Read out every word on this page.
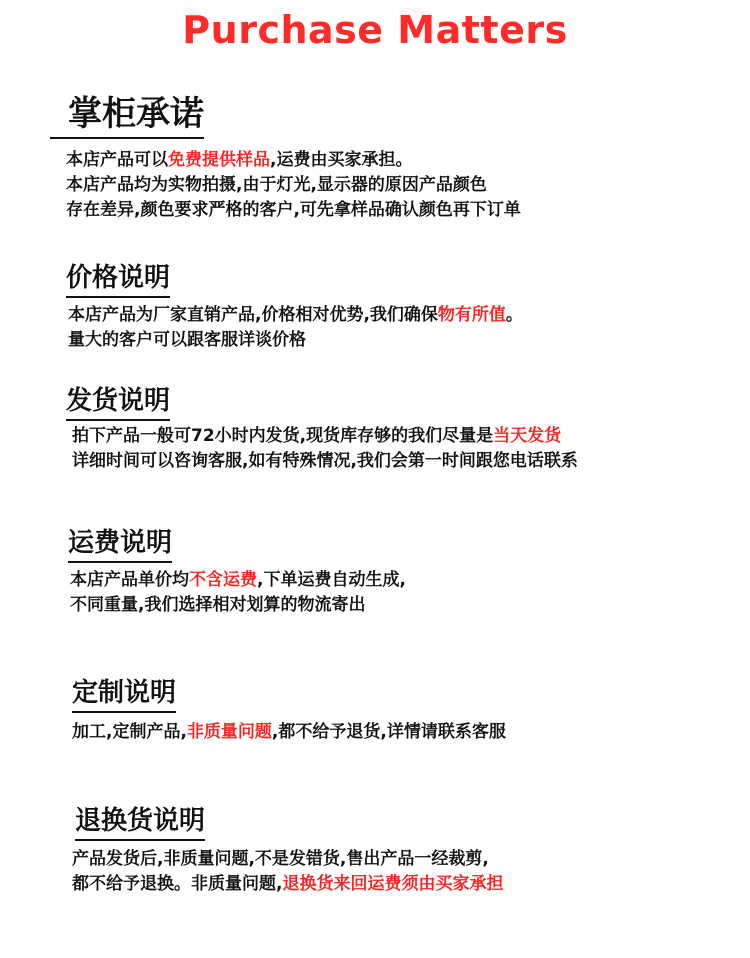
Purchase Matters
掌柜承诺
本店产品可以免费提供样品,运费由买家承担。
本店产品均为实物拍摄,由于灯光,显示器的原因产品颜色
存在差异,颜色要求严格的客户,可先拿样品确认颜色再下订单
价格说明
本店产品为厂家直销产品,价格相对优势,我们确保物有所值。
量大的客户可以跟客服详谈价格
发货说明
拍下产品一般可72小时内发货,现货库存够的我们尽量是当天发货
详细时间可以咨询客服,如有特殊情况,我们会第一时间跟您电话联系
运费说明
本店产品单价均不含运费,下单运费自动生成,
不同重量,我们选择相对划算的物流寄出
定制说明
加工,定制产品,非质量问题,都不给予退货,详情请联系客服
退换货说明
产品发货后,非质量问题,不是发错货,售出产品一经裁剪,
都不给予退换。非质量问题,退换货来回运费须由买家承担
